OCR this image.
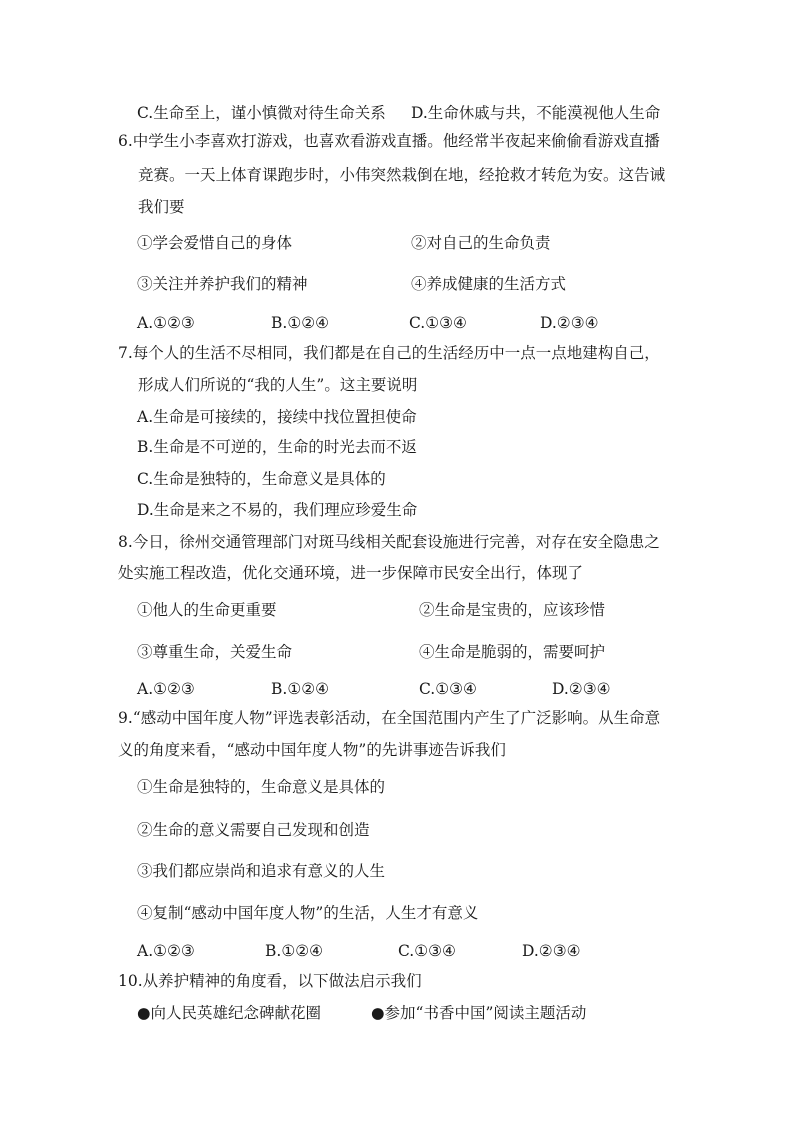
C.生命至上，谨小慎微对待生命关系 D.生命休戚与共，不能漠视他人生命
6.中学生小李喜欢打游戏，也喜欢看游戏直播。他经常半夜起来偷偷看游戏直播
竞赛。一天上体育课跑步时，小伟突然栽倒在地，经抢救才转危为安。这告诫
我们要
①学会爱惜自己的身体	②对自己的生命负责
③关注并养护我们的精神	④养成健康的生活方式
A.①②③	B.①②④	C.①③④	D.②③④
7.每个人的生活不尽相同，我们都是在自己的生活经历中一点一点地建构自己，
形成人们所说的“我的人生”。这主要说明
A.生命是可接续的，接续中找位置担使命
B.生命是不可逆的，生命的时光去而不返
C.生命是独特的，生命意义是具体的
D.生命是来之不易的，我们理应珍爱生命
8.今日，徐州交通管理部门对斑马线相关配套设施进行完善，对存在安全隐患之
处实施工程改造，优化交通环境，进一步保障市民安全出行，体现了
①他人的生命更重要	②生命是宝贵的，应该珍惜
③尊重生命，关爱生命	④生命是脆弱的，需要呵护
A.①②③	B.①②④	C.①③④	D.②③④
9.“感动中国年度人物”评选表彰活动，在全国范围内产生了广泛影响。从生命意
义的角度来看，“感动中国年度人物”的先讲事迹告诉我们
①生命是独特的，生命意义是具体的
②生命的意义需要自己发现和创造
③我们都应崇尚和追求有意义的人生
④复制“感动中国年度人物”的生活，人生才有意义
A.①②③	B.①②④	C.①③④	D.②③④
10.从养护精神的角度看，以下做法启示我们
●向人民英雄纪念碑献花圈	●参加“书香中国”阅读主题活动
